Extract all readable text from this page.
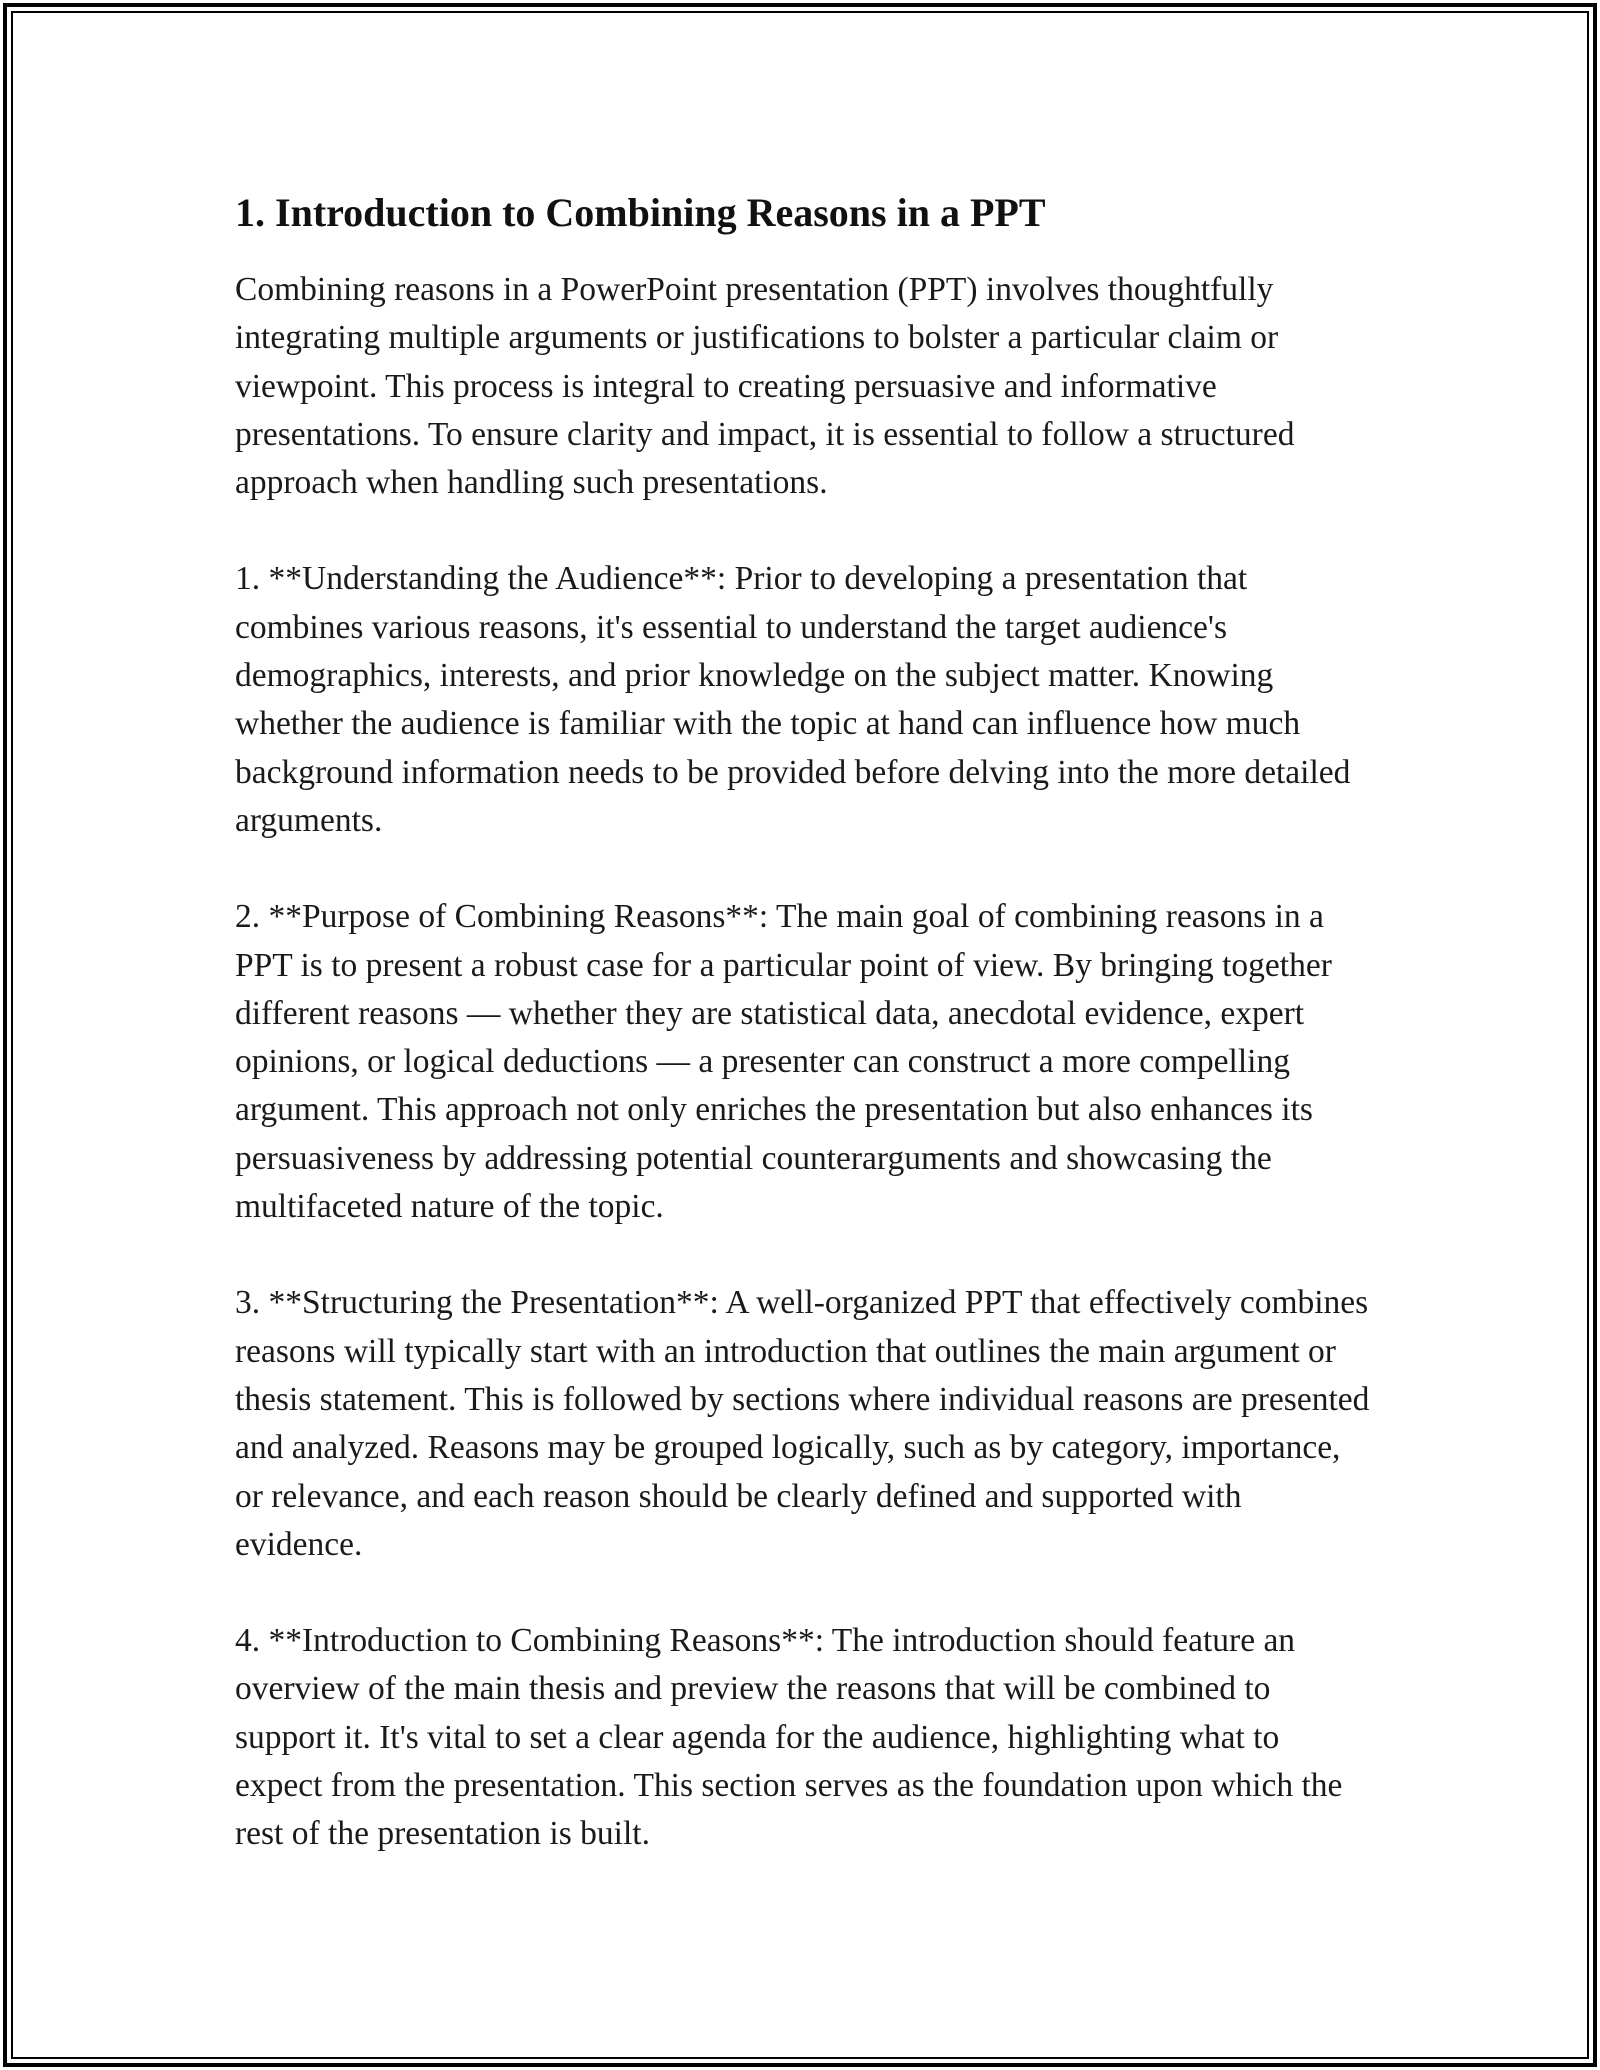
1. Introduction to Combining Reasons in a PPT

Combining reasons in a PowerPoint presentation (PPT) involves thoughtfully integrating multiple arguments or justifications to bolster a particular claim or viewpoint. This process is integral to creating persuasive and informative presentations. To ensure clarity and impact, it is essential to follow a structured approach when handling such presentations.

1. **Understanding the Audience**: Prior to developing a presentation that combines various reasons, it's essential to understand the target audience's demographics, interests, and prior knowledge on the subject matter. Knowing whether the audience is familiar with the topic at hand can influence how much background information needs to be provided before delving into the more detailed arguments.

2. **Purpose of Combining Reasons**: The main goal of combining reasons in a PPT is to present a robust case for a particular point of view. By bringing together different reasons — whether they are statistical data, anecdotal evidence, expert opinions, or logical deductions — a presenter can construct a more compelling argument. This approach not only enriches the presentation but also enhances its persuasiveness by addressing potential counterarguments and showcasing the multifaceted nature of the topic.

3. **Structuring the Presentation**: A well-organized PPT that effectively combines reasons will typically start with an introduction that outlines the main argument or thesis statement. This is followed by sections where individual reasons are presented and analyzed. Reasons may be grouped logically, such as by category, importance, or relevance, and each reason should be clearly defined and supported with evidence.

4. **Introduction to Combining Reasons**: The introduction should feature an overview of the main thesis and preview the reasons that will be combined to support it. It's vital to set a clear agenda for the audience, highlighting what to expect from the presentation. This section serves as the foundation upon which the rest of the presentation is built.
